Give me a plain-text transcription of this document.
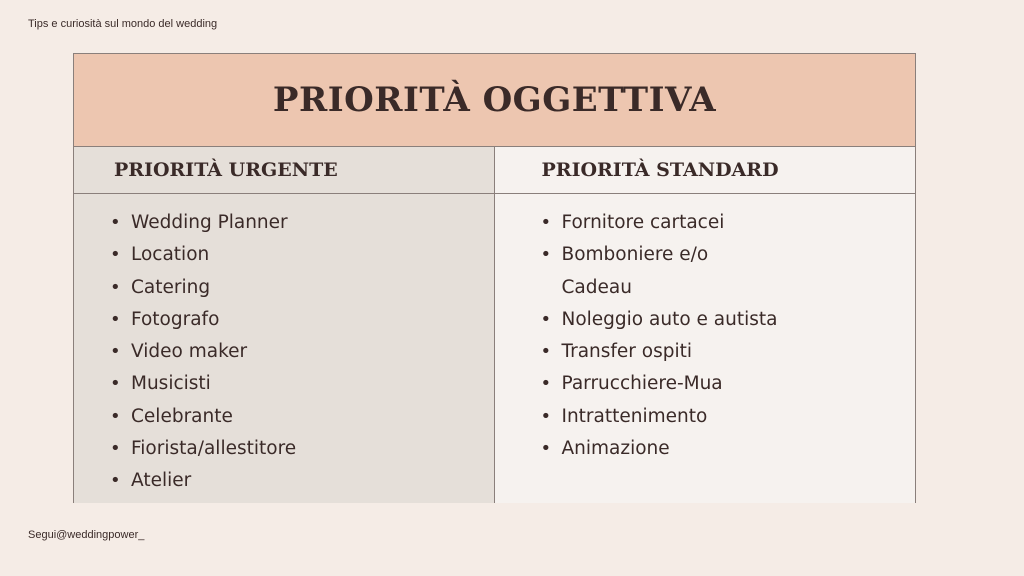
Tips e curiosità sul mondo del wedding
PRIORITÀ OGGETTIVA
PRIORITÀ URGENTE
• Wedding Planner
• Location
• Catering
• Fotografo
• Video maker
• Musicisti
• Celebrante
• Fiorista/allestitore
• Atelier
PRIORITÀ STANDARD
• Fornitore cartacei
• Bomboniere e/o Cadeau
• Noleggio auto e autista
• Transfer ospiti
• Parrucchiere-Mua
• Intrattenimento
• Animazione
Segui@weddingpower_
